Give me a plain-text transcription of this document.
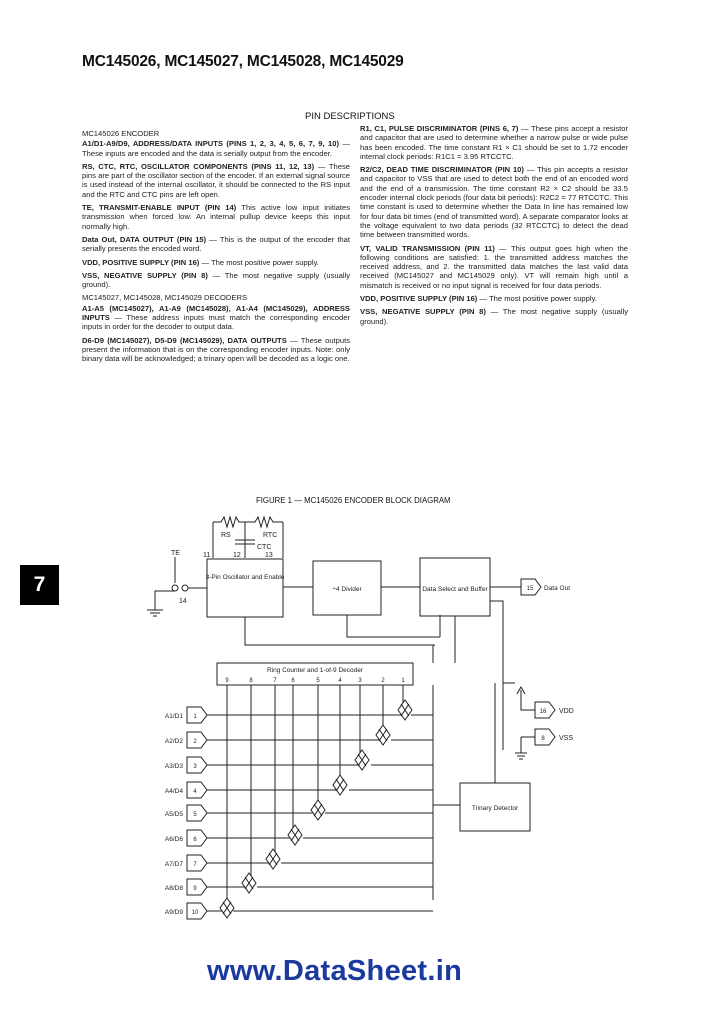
MC145026, MC145027, MC145028, MC145029
PIN DESCRIPTIONS

MC145026 ENCODER

A1/D1-A9/D9, ADDRESS/DATA INPUTS (PINS 1, 2, 3, 4, 5, 6, 7, 9, 10) — These inputs are encoded and the data is serially output from the encoder.

RS, CTC, RTC, OSCILLATOR COMPONENTS (PINS 11, 12, 13) — These pins are part of the oscillator section of the encoder. If an external signal source is used instead of the internal oscillator, it should be connected to the RS input and the RTC and CTC pins are left open.

TE, TRANSMIT-ENABLE INPUT (PIN 14) This active low input initiates transmission when forced low. An internal pullup device keeps this input normally high.

Data Out, DATA OUTPUT (PIN 15) — This is the output of the encoder that serially presents the encoded word.

VDD, POSITIVE SUPPLY (PIN 16) — The most positive power supply.

VSS, NEGATIVE SUPPLY (PIN 8) — The most negative supply (usually ground).

MC145027, MC145028, MC145029 DECODERS

A1-A5 (MC145027), A1-A9 (MC145028), A1-A4 (MC145029), ADDRESS INPUTS — These address inputs must match the corresponding encoder inputs in order for the decoder to output data.

D6-D9 (MC145027), D5-D9 (MC145029), DATA OUTPUTS — These outputs present the information that is on the corresponding encoder inputs. Note: only binary data will be acknowledged; a trinary open will be decoded as a logic one.

R1, C1, PULSE DISCRIMINATOR (PINS 6, 7) — These pins accept a resistor and capacitor that are used to determine whether a narrow pulse or wide pulse has been encoded. The time constant R1 × C1 should be set to 1.72 encoder internal clock periods: R1C1 = 3.95 RTCCTC.

R2/C2, DEAD TIME DISCRIMINATOR (PIN 10) — This pin accepts a resistor and capacitor to VSS that are used to detect both the end of an encoded word and the end of a transmission. The time constant R2 × C2 should be 33.5 encoder internal clock periods (four data bit periods): R2C2 = 77 RTCCTC. This time constant is used to determine whether the Data In line has remained low for four data bit times (end of transmitted word). A separate comparator looks at the voltage equivalent to two data periods (32 RTCCTC) to detect the dead time between transmitted words.

VT, VALID TRANSMISSION (PIN 11) — This output goes high when the following conditions are satisfied: 1. the transmitted address matches the received address, and 2. the transmitted data matches the last valid data received (MC145027 and MC145029 only). VT will remain high until a mismatch is received or no input signal is received for four data periods.

VDD, POSITIVE SUPPLY (PIN 16) — The most positive power supply.

VSS, NEGATIVE SUPPLY (PIN 8) — The most negative supply (usually ground).

7
FIGURE 1 — MC145026 ENCODER BLOCK DIAGRAM
1
A1/D1
2
A2/D2
3
A3/D3
4
A4/D4
5
A5/D5
6
A6/D6
7
A7/D7
9
A8/D8
10
A9/D9
RS	RTC
CTC
11	12	13
TE
14
3-Pin Oscillator and Enable
÷4 Divider	Data Select and Buffer	15 Data Out
Ring Counter and 1-of-9 Decoder
9	8	7 6	5	4	3	2	1
Trinary Detector
16 VDD
8 VSS
www.DataSheet.in
